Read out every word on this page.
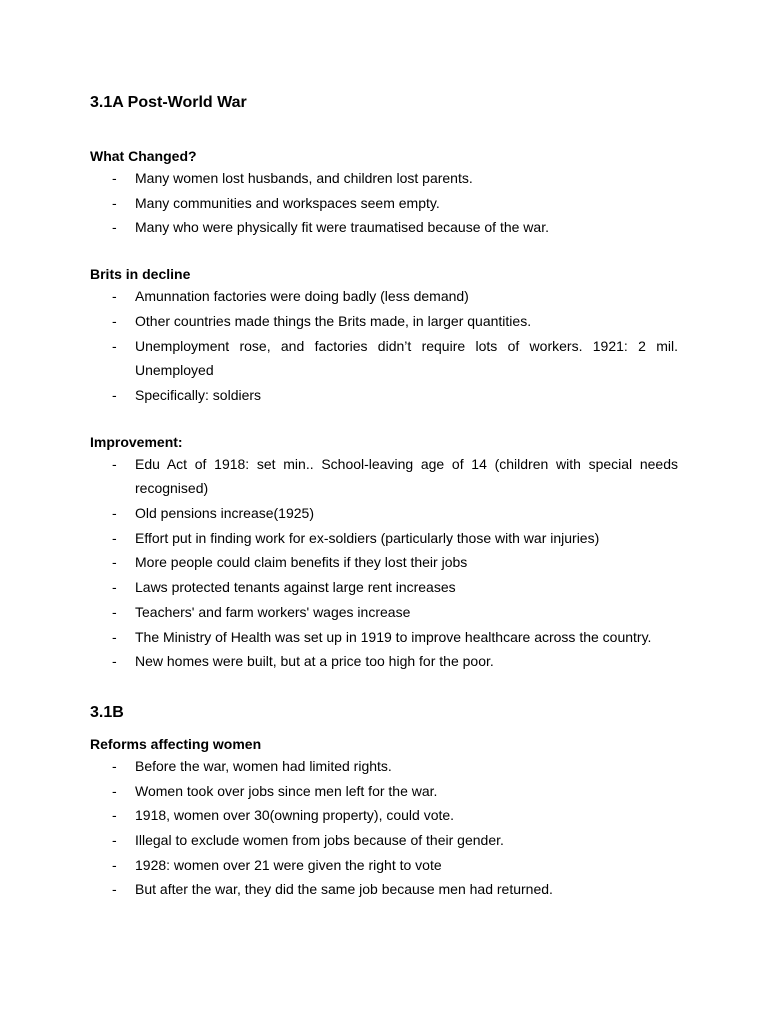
3.1A Post-World War
What Changed?
- Many women lost husbands, and children lost parents.
- Many communities and workspaces seem empty.
- Many who were physically fit were traumatised because of the war.
Brits in decline
- Amunnation factories were doing badly (less demand)
- Other countries made things the Brits made, in larger quantities.
- Unemployment rose, and factories didn’t require lots of workers. 1921: 2 mil. Unemployed
- Specifically: soldiers
Improvement:
- Edu Act of 1918: set min.. School-leaving age of 14 (children with special needs recognised)
- Old pensions increase(1925)
- Effort put in finding work for ex-soldiers (particularly those with war injuries)
- More people could claim benefits if they lost their jobs
- Laws protected tenants against large rent increases
- Teachers' and farm workers' wages increase
- The Ministry of Health was set up in 1919 to improve healthcare across the country.
- New homes were built, but at a price too high for the poor.
3.1B
Reforms affecting women
- Before the war, women had limited rights.
- Women took over jobs since men left for the war.
- 1918, women over 30(owning property), could vote.
- Illegal to exclude women from jobs because of their gender.
- 1928: women over 21 were given the right to vote
- But after the war, they did the same job because men had returned.
